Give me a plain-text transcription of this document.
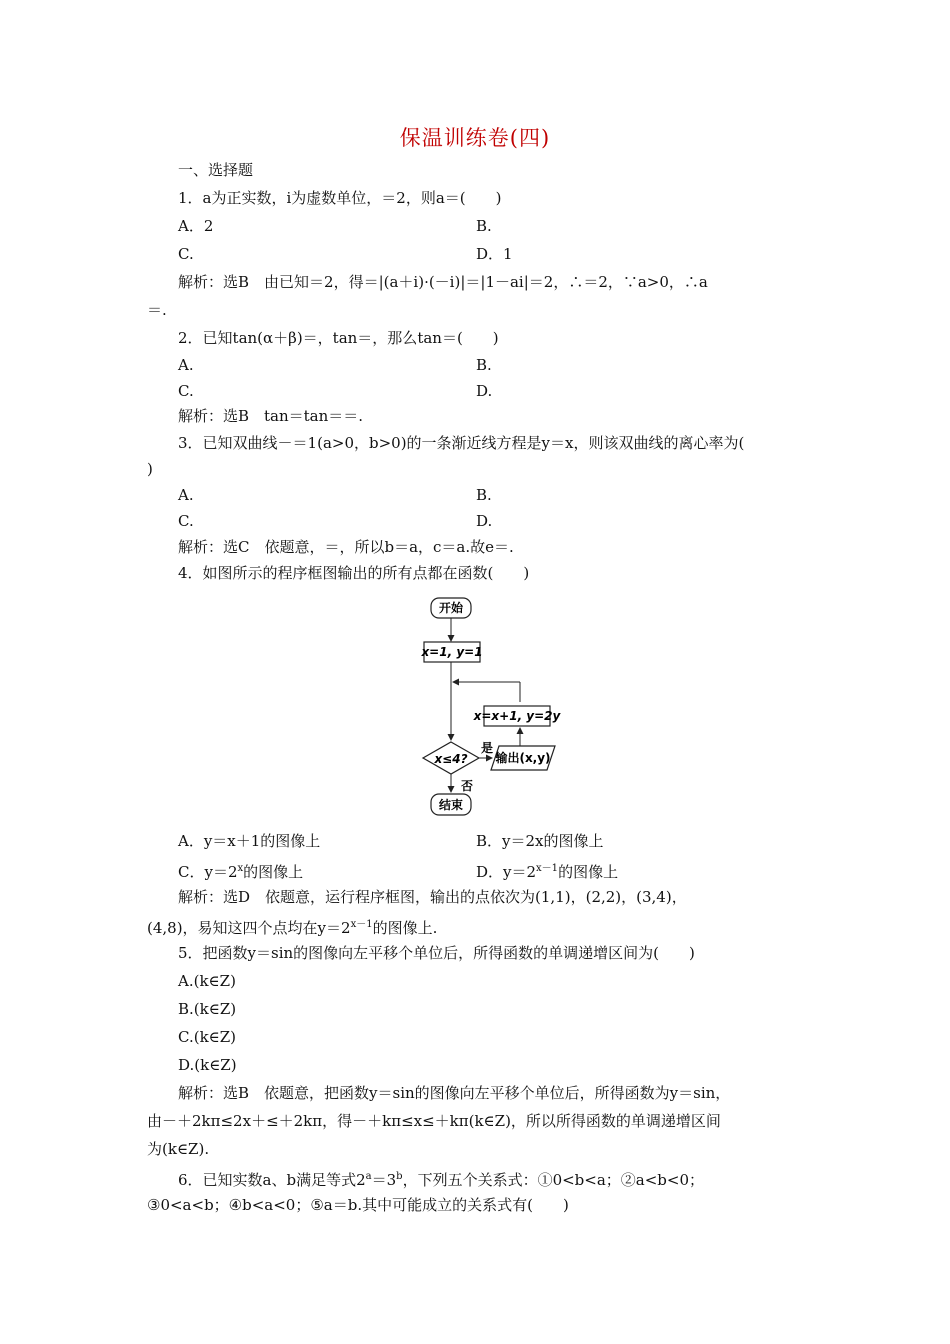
保温训练卷(四)
一、选择题
1．a为正实数，i为虚数单位，＝2，则a＝(　　)
A．2	B.
C.	D．1
解析：选B　由已知＝2，得＝|(a＋i)·(－i)|＝|1－ai|＝2，∴＝2，∵a>0，∴a
＝.
2．已知tan(α＋β)＝，tan＝，那么tan＝(　　)
A.	B.
C.	D.
解析：选B　tan＝tan＝＝.
3．已知双曲线－＝1(a>0，b>0)的一条渐近线方程是y＝x，则该双曲线的离心率为(
)
A.	B.
C.	D.
解析：选C　依题意，＝，所以b＝a，c＝a.故e＝.
4．如图所示的程序框图输出的所有点都在函数(　　)
开始
x=1, y=1
x=x+1, y=2y
x≤4?
是
输出(x,y)
否
结束
A．y＝x＋1的图像上	B．y＝2x的图像上
C．$y=2^x$的图像上	D．$y=2^{x-1}$的图像上
解析：选D　依题意，运行程序框图，输出的点依次为(1,1)，(2,2)，(3,4)，
(4,8)，易知这四个点均在$y=2^{x-1}$的图像上.
5．把函数y＝sin的图像向左平移个单位后，所得函数的单调递增区间为(　　)
A.(k∈Z)
B.(k∈Z)
C.(k∈Z)
D.(k∈Z)
解析：选B　依题意，把函数y＝sin的图像向左平移个单位后，所得函数为y＝sin，
由－＋2kπ≤2x＋≤＋2kπ，得－＋kπ≤x≤＋kπ(k∈Z)，所以所得函数的单调递增区间
为(k∈Z).
6．已知实数a、b满足等式$2^a=3^b$，下列五个关系式：①0<b<a；②a<b<0；
③0<a<b；④b<a<0；⑤a＝b.其中可能成立的关系式有(　　)
